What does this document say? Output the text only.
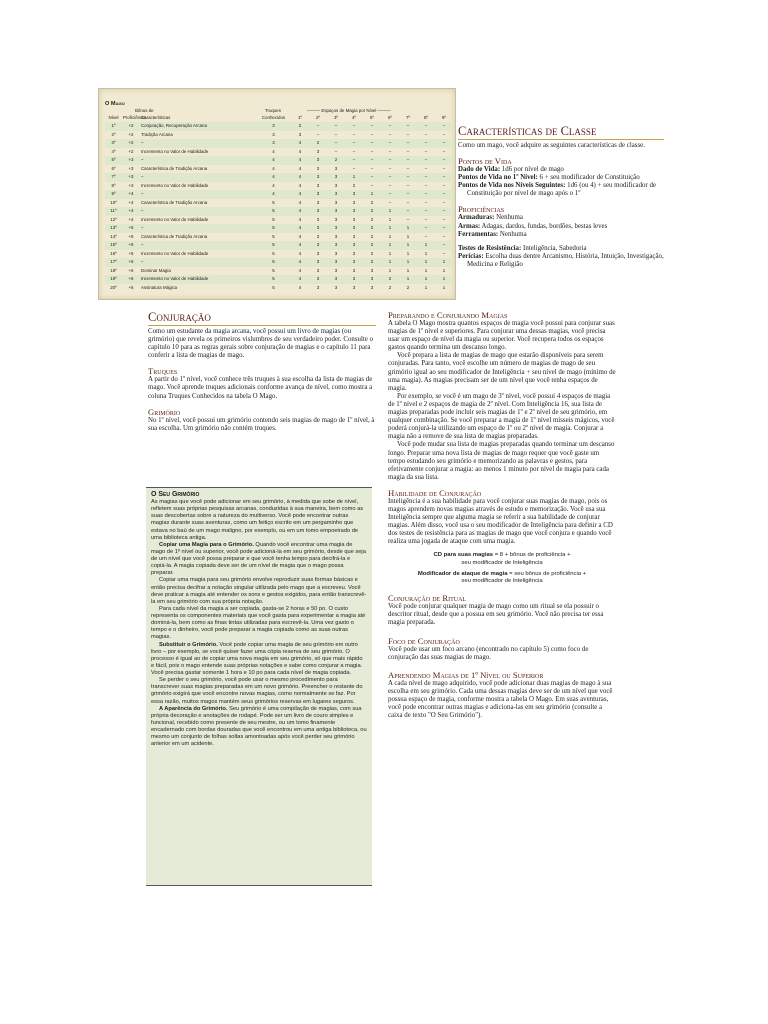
O Mago
Bônus de	Truques	——— Espaços de Magia por Nível ———
Nível	Proficiência	Características	Conhecidos	1º	2º	3º	4º	5º	6º	7º	8º	9º
1º	+2	Conjuração, Recuperação Arcana	3	2	–	–	–	–	–	–	–	–
2º	+2	Tradição Arcana	3	3	–	–	–	–	–	–	–	–
3º	+2	–	3	4	2	–	–	–	–	–	–	–
4º	+2	Incremento no Valor de Habilidade	4	4	3	–	–	–	–	–	–	–
5º	+3	–	4	4	3	2	–	–	–	–	–	–
6º	+3	Característica de Tradição Arcana	4	4	3	3	–	–	–	–	–	–
7º	+3	–	4	4	3	3	1	–	–	–	–	–
8º	+3	Incremento no Valor de Habilidade	4	4	3	3	2	–	–	–	–	–
9º	+4	–	4	4	3	3	3	1	–	–	–	–
10º	+4	Característica de Tradição Arcana	5	4	3	3	3	2	–	–	–	–
11º	+4	–	5	4	3	3	3	2	1	–	–	–
12º	+4	Incremento no Valor de Habilidade	5	4	3	3	3	2	1	–	–	–
13º	+5	–	5	4	3	3	3	2	1	1	–	–
14º	+5	Característica de Tradição Arcana	5	4	3	3	3	2	1	1	–	–
15º	+5	–	5	4	3	3	3	2	1	1	1	–
16º	+5	Incremento no Valor de Habilidade	5	4	3	3	3	2	1	1	1	–
17º	+6	–	5	4	3	3	3	2	1	1	1	1
18º	+6	Dominar Magia	5	4	3	3	3	3	1	1	1	1
19º	+6	Incremento no Valor de Habilidade	5	4	3	3	3	3	2	1	1	1
20º	+6	Assinatura Mágica	5	4	3	3	3	3	2	2	1	1
Características de Classe
Como um mago, você adquire as seguintes características de classe.
Pontos de Vida
Dado de Vida: 1d6 por nível de mago
Pontos de Vida no 1º Nível: 6 + seu modificador de Constituição
Pontos de Vida nos Níveis Seguintes: 1d6 (ou 4) + seu modificador de Constituição por nível de mago após o 1º
Proficiências
Armaduras: Nenhuma
Armas: Adagas, dardos, fundas, bordões, bestas leves
Ferramentas: Nenhuma
Testes de Resistência: Inteligência, Sabedoria
Perícias: Escolha duas dentre Arcanismo, História, Intuição, Investigação, Medicina e Religião
Conjuração
Como um estudante da magia arcana, você possui um livro de magias (ou grimório) que revela os primeiros vislumbres de seu verdadeiro poder. Consulte o capítulo 10 para as regras gerais sobre conjuração de magias e o capítulo 11 para conferir a lista de magias de mago.
Truques
A partir do 1º nível, você conhece três truques à sua escolha da lista de magias de mago. Você aprende truques adicionais conforme avança de nível, como mostra a coluna Truques Conhecidos na tabela O Mago.
Grimório
No 1º nível, você possui um grimório contendo seis magias de mago de 1º nível, à sua escolha. Um grimório não contém truques.
O Seu Grimório
As magias que você pode adicionar em seu grimório, à medida que sobe de nível, refletem suas próprias pesquisas arcanas, conduzidas à sua maneira, bem como as suas descobertas sobre a natureza do multiverso. Você pode encontrar outras magias durante suas aventuras, como um feitiço escrito em um pergaminho que estava no baú de um mago maligno, por exemplo, ou em um tomo empoeirado de uma biblioteca antiga.
Copiar uma Magia para o Grimório. Quando você encontrar uma magia de mago de 1º nível ou superior, você pode adicioná-la em seu grimório, desde que seja de um nível que você possa preparar e que você tenha tempo para decifrá-la e copiá-la. A magia copiada deve ser de um nível de magia que o mago possa preparar.
Copiar uma magia para seu grimório envolve reproduzir suas formas básicas e então precisa decifrar a notação singular utilizada pelo mago que a escreveu. Você deve praticar a magia até entender os sons e gestos exigidos, para então transcrevê-la em seu grimório com sua própria notação.
Para cada nível da magia a ser copiada, gasta-se 2 horas e 50 po. O custo representa os componentes materiais que você gasta para experimentar a magia até dominá-la, bem como as finas tintas utilizadas para escrevê-la. Uma vez gasto o tempo e o dinheiro, você pode preparar a magia copiada como as suas outras magias.
Substituir o Grimório. Você pode copiar uma magia de seu grimório em outro livro – por exemplo, se você quiser fazer uma cópia reserva de seu grimório. O processo é igual ao de copiar uma nova magia em seu grimório, só que mais rápido e fácil, pois o mago entende suas próprias notações e sabe como conjurar a magia. Você precisa gastar somente 1 hora e 10 po para cada nível de magia copiada.
Se perder o seu grimório, você pode usar o mesmo procedimento para transcrever suas magias preparadas em um novo grimório. Preencher o restante do grimório exigirá que você encontre novas magias, como normalmente se faz. Por essa razão, muitos magos mantém seus grimórios reservas em lugares seguros.
A Aparência do Grimório. Seu grimório é uma compilação de magias, com sua própria decoração e anotações de rodapé. Pode ser um livro de couro simples e funcional, recebido como presente de seu mestre, ou um tomo finamente encadernado com bordas douradas que você encontrou em uma antiga biblioteca, ou mesmo um conjunto de folhas soltas amontoadas após você perder seu grimório anterior em um acidente.
Preparando e Conjurando Magias
A tabela O Mago mostra quantos espaços de magia você possui para conjurar suas magias de 1º nível e superiores. Para conjurar uma dessas magias, você precisa usar um espaço de nível da magia ou superior. Você recupera todos os espaços gastos quando termina um descanso longo.
Você prepara a lista de magias de mago que estarão disponíveis para serem conjuradas. Para tanto, você escolhe um número de magias de mago de seu grimório igual ao seu modificador de Inteligência + seu nível de mago (mínimo de uma magia). As magias precisam ser de um nível que você tenha espaços de magia.
Por exemplo, se você é um mago de 3º nível, você possui 4 espaços de magia de 1º nível e 2 espaços de magia de 2º nível. Com Inteligência 16, sua lista de magias preparadas pode incluir seis magias de 1º e 2º nível de seu grimório, em qualquer combinação. Se você preparar a magia de 1º nível mísseis mágicos, você poderá conjurá-la utilizando um espaço de 1º ou 2º nível de magia. Conjurar a magia não a remove de sua lista de magias preparadas.
Você pode mudar sua lista de magias preparadas quando terminar um descanso longo. Preparar uma nova lista de magias de mago requer que você gaste um tempo estudando seu grimório e memorizando as palavras e gestos, para efetivamente conjurar a magia: ao menos 1 minuto por nível de magia para cada magia da sua lista.
Habilidade de Conjuração
Inteligência é a sua habilidade para você conjurar suas magias de mago, pois os magos aprendem novas magias através de estudo e memorização. Você usa sua Inteligência sempre que alguma magia se referir a sua habilidade de conjurar magias. Além disso, você usa o seu modificador de Inteligência para definir a CD dos testes de resistência para as magias de mago que você conjura e quando você realiza uma jogada de ataque com uma magia.
CD para suas magias = 8 + bônus de proficiência +
seu modificador de Inteligência
Modificador de ataque de magia = seu bônus de proficiência +
seu modificador de Inteligência
Conjuração de Ritual
Você pode conjurar qualquer magia de mago como um ritual se ela possuir o descritor ritual, desde que a possua em seu grimório. Você não precisa ter essa magia preparada.
Foco de Conjuração
Você pode usar um foco arcano (encontrado no capítulo 5) como foco de conjuração das suas magias de mago.
Aprendendo Magias de 1º Nível ou Superior
A cada nível de mago adquirido, você pode adicionar duas magias de mago à sua escolha em seu grimório. Cada uma dessas magias deve ser de um nível que você possua espaço de magia, conforme mostra a tabela O Mago. Em suas aventuras, você pode encontrar outras magias e adiciona-las em seu grimório (consulte a caixa de texto "O Seu Grimório").
